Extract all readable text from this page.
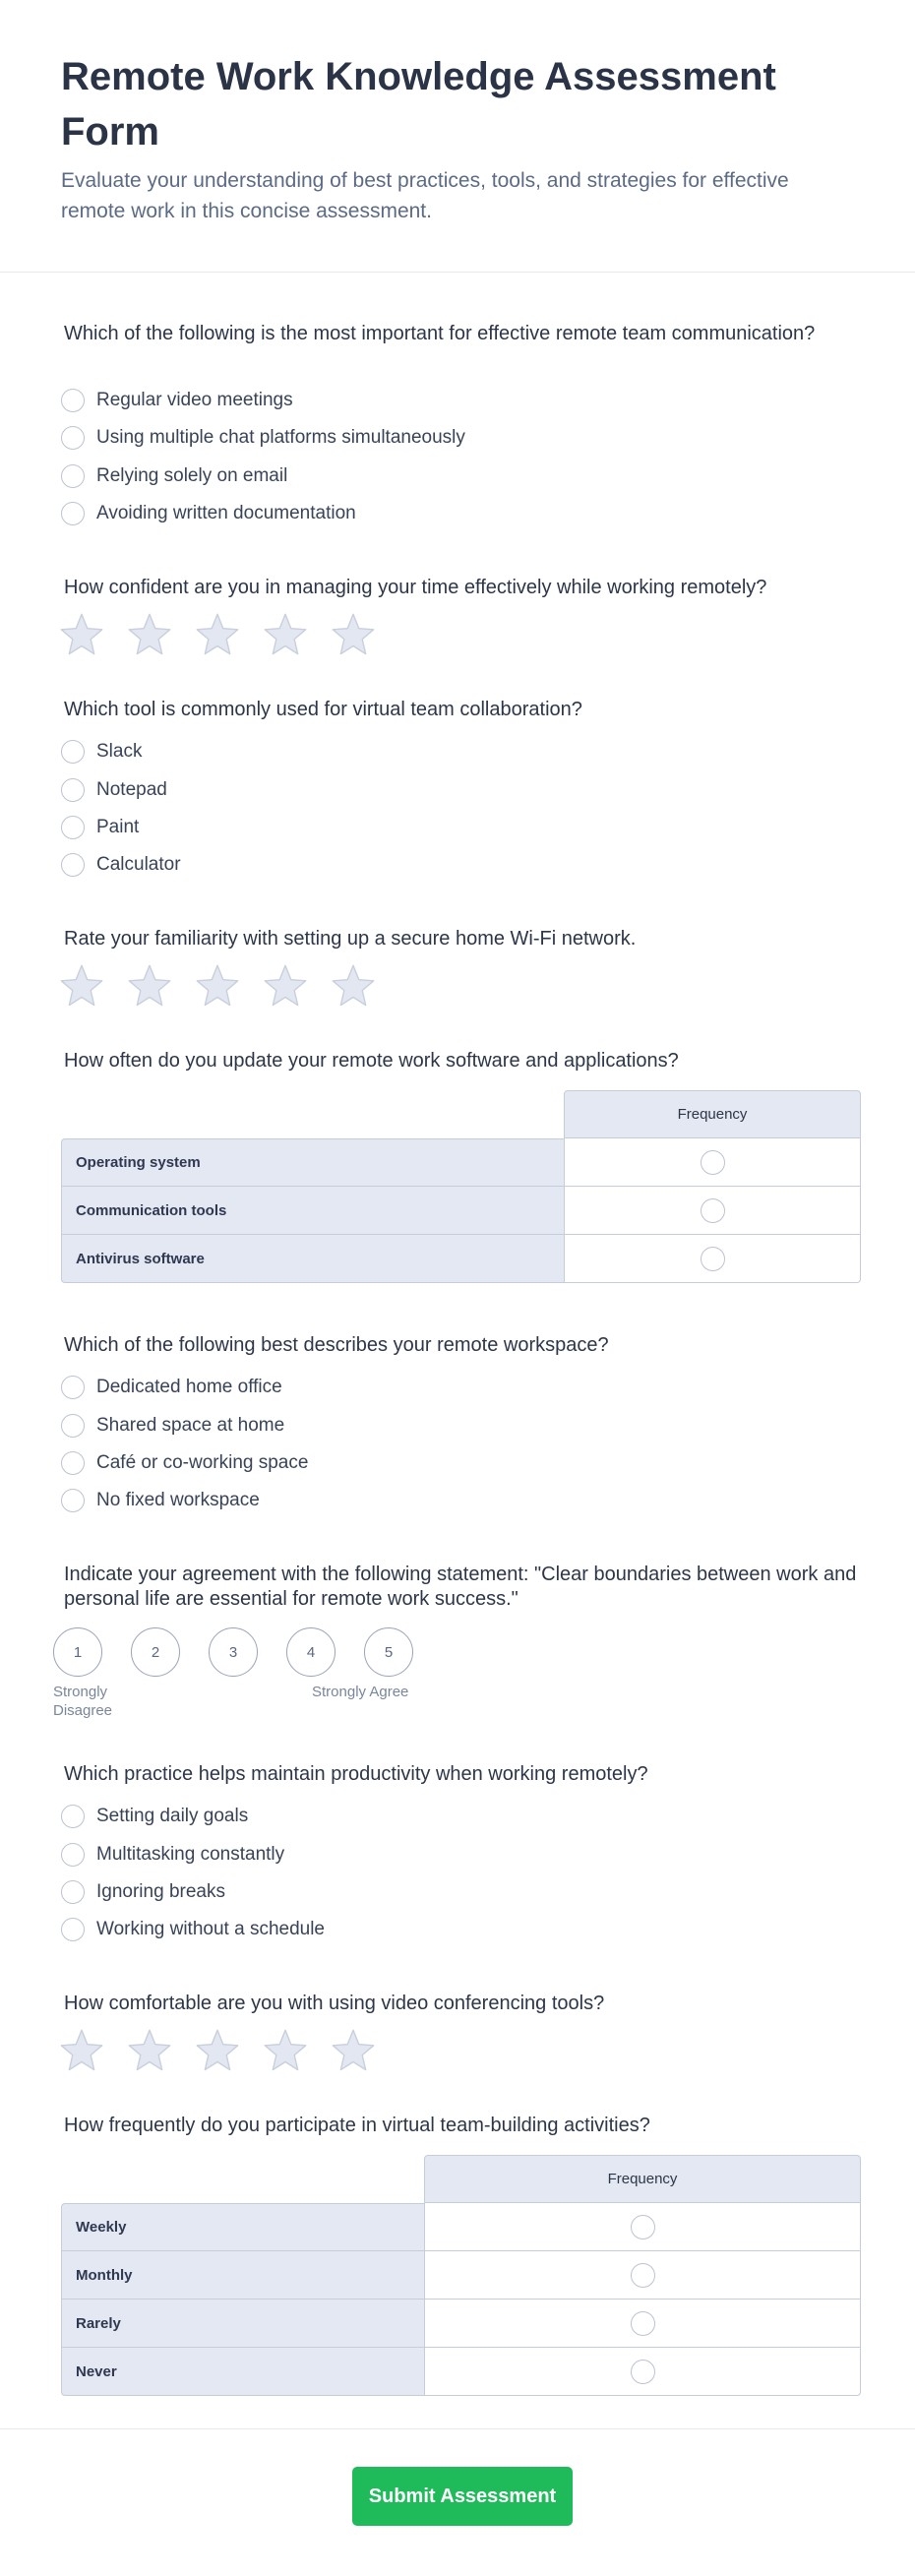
Remote Work Knowledge Assessment Form

Evaluate your understanding of best practices, tools, and strategies for effective remote work in this concise assessment.

Which of the following is the most important for effective remote team communication?
Regular video meetings
Using multiple chat platforms simultaneously
Relying solely on email
Avoiding written documentation
How confident are you in managing your time effectively while working remotely?
Which tool is commonly used for virtual team collaboration?
Slack
Notepad
Paint
Calculator
Rate your familiarity with setting up a secure home Wi-Fi network.
How often do you update your remote work software and applications?
	Frequency
Operating system	
Communication tools	
Antivirus software	
Which of the following best describes your remote workspace?
Dedicated home office
Shared space at home
Café or co-working space
No fixed workspace
Indicate your agreement with the following statement: "Clear boundaries between work and personal life are essential for remote work success."
1	2	3	4	5
Strongly Disagree
Strongly Agree
Which practice helps maintain productivity when working remotely?
Setting daily goals
Multitasking constantly
Ignoring breaks
Working without a schedule
How comfortable are you with using video conferencing tools?
How frequently do you participate in virtual team-building activities?
	Frequency
Weekly	
Monthly	
Rarely	
Never	
Submit Assessment
